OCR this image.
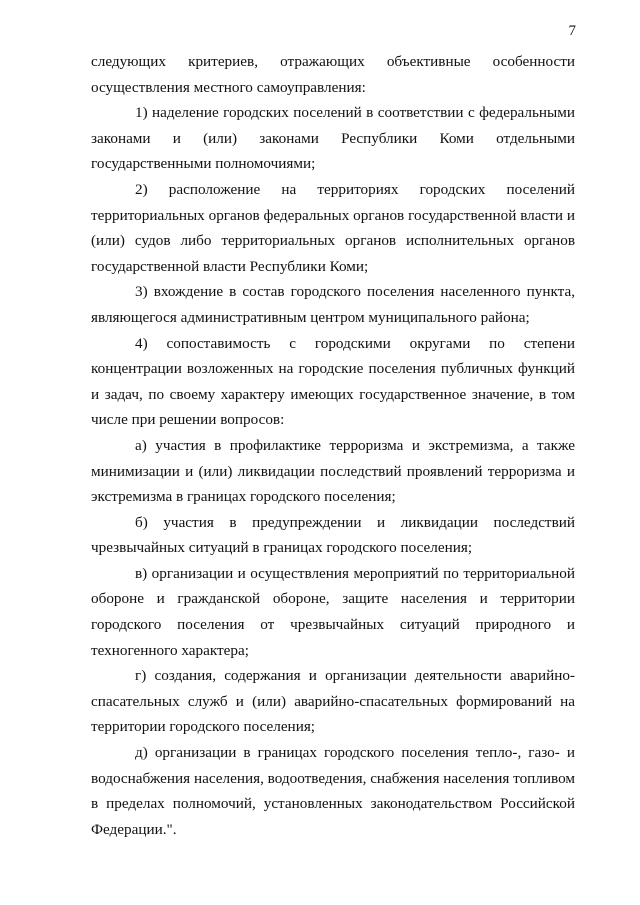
7

следующих критериев, отражающих объективные особенности осуществления местного самоуправления:

1) наделение городских поселений в соответствии с федеральными законами и (или) законами Республики Коми отдельными государственными полномочиями;

2) расположение на территориях городских поселений территориальных органов федеральных органов государственной власти и (или) судов либо территориальных органов исполнительных органов государственной власти Республики Коми;

3) вхождение в состав городского поселения населенного пункта, являющегося административным центром муниципального района;

4) сопоставимость с городскими округами по степени концентрации возложенных на городские поселения публичных функций и задач, по своему характеру имеющих государственное значение, в том числе при решении вопросов:

а) участия в профилактике терроризма и экстремизма, а также минимизации и (или) ликвидации последствий проявлений терроризма и экстремизма в границах городского поселения;

б) участия в предупреждении и ликвидации последствий чрезвычайных ситуаций в границах городского поселения;

в) организации и осуществления мероприятий по территориальной обороне и гражданской обороне, защите населения и территории городского поселения от чрезвычайных ситуаций природного и техногенного характера;

г) создания, содержания и организации деятельности аварийно-спасательных служб и (или) аварийно-спасательных формирований на территории городского поселения;

д) организации в границах городского поселения тепло-, газо- и водоснабжения населения, водоотведения, снабжения населения топливом в пределах полномочий, установленных законодательством Российской Федерации.".
